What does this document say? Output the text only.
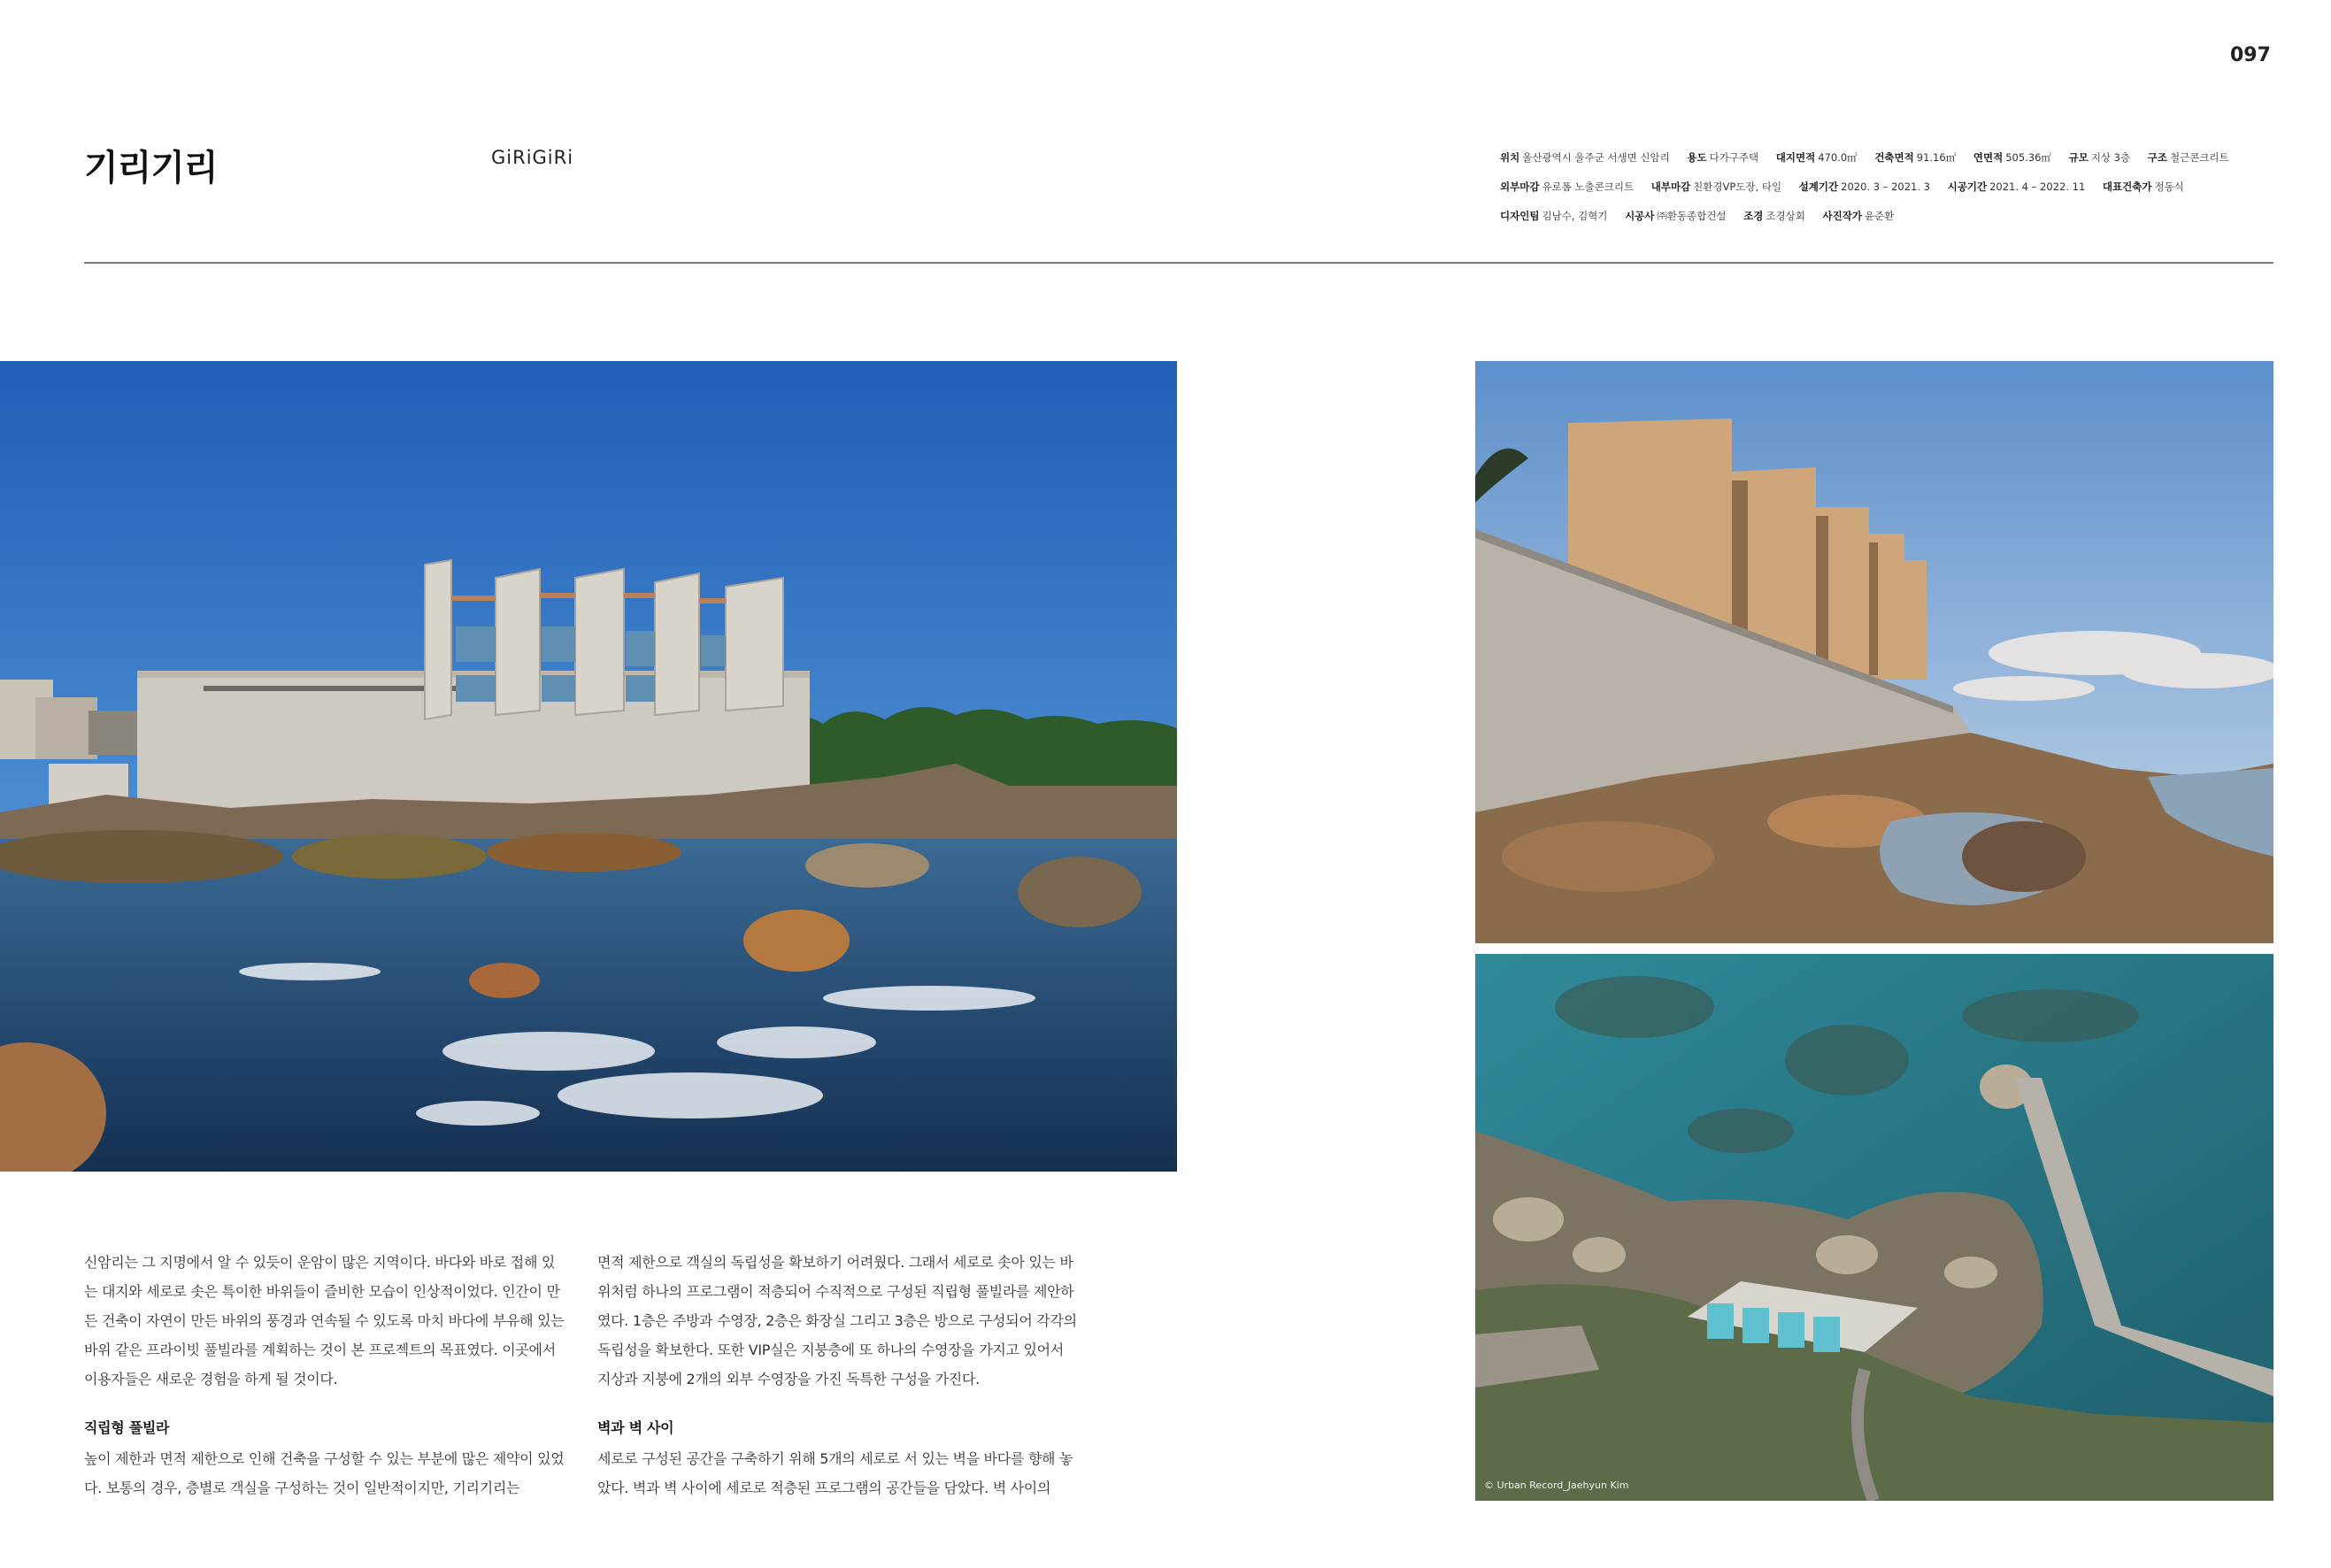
097
기리기리	GiRiGiRi	위치 울산광역시 울주군 서생면 신암리 용도 다가구주택 대지면적 470.0㎡ 건축면적 91.16㎡ 연면적 505.36㎡ 규모 지상 3층 구조 철근콘크리트 외부마감 유로폼 노출콘크리트 내부마감 친환경VP도장, 타일 설계기간 2020. 3 – 2021. 3 시공기간 2021. 4 – 2022. 11 대표건축가 정동식 디자인팀 김남수, 김혁기 시공사 ㈜환동종합건설 조경 조경상회 사진작가 윤준환
© Urban Record_Jaehyun Kim

신암리는 그 지명에서 알 수 있듯이 운암이 많은 지역이다. 바다와 바로 접해 있는 대지와 세로로 솟은 특이한 바위들이 즐비한 모습이 인상적이었다. 인간이 만든 건축이 자연이 만든 바위의 풍경과 연속될 수 있도록 마치 바다에 부유해 있는 바위 같은 프라이빗 풀빌라를 계획하는 것이 본 프로젝트의 목표였다. 이곳에서 이용자들은 새로운 경험을 하게 될 것이다.

직립형 풀빌라

높이 제한과 면적 제한으로 인해 건축을 구성할 수 있는 부분에 많은 제약이 있었다. 보통의 경우, 층별로 객실을 구성하는 것이 일반적이지만, 기리기리는

면적 제한으로 객실의 독립성을 확보하기 어려웠다. 그래서 세로로 솟아 있는 바위처럼 하나의 프로그램이 적층되어 수직적으로 구성된 직립형 풀빌라를 제안하였다. 1층은 주방과 수영장, 2층은 화장실 그리고 3층은 방으로 구성되어 각각의 독립성을 확보한다. 또한 VIP실은 지붕층에 또 하나의 수영장을 가지고 있어서 지상과 지붕에 2개의 외부 수영장을 가진 독특한 구성을 가진다.

벽과 벽 사이

세로로 구성된 공간을 구축하기 위해 5개의 세로로 서 있는 벽을 바다를 향해 놓았다. 벽과 벽 사이에 세로로 적층된 프로그램의 공간들을 담았다. 벽 사이의
